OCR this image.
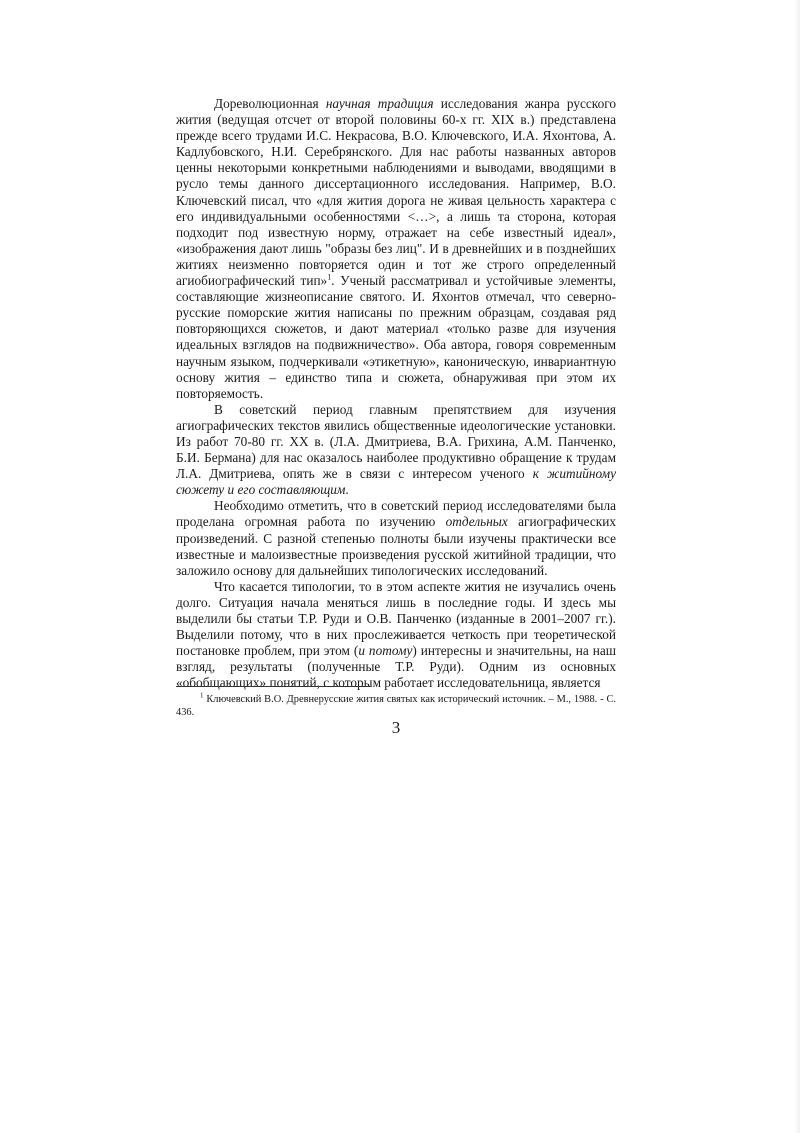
Дореволюционная научная традиция исследования жанра русского жития (ведущая отсчет от второй половины 60-х гг. XIX в.) представлена прежде всего трудами И.С. Некрасова, В.О. Ключевского, И.А. Яхонтова, А. Кадлубовского, Н.И. Серебрянского. Для нас работы названных авторов ценны некоторыми конкретными наблюдениями и выводами, вводящими в русло темы данного диссертационного исследования. Например, В.О. Ключевский писал, что «для жития дорога не живая цельность характера с его индивидуальными особенностями <…>, а лишь та сторона, которая подходит под известную норму, отражает на себе известный идеал», «изображения дают лишь "образы без лиц". И в древнейших и в позднейших житиях неизменно повторяется один и тот же строго определенный агиобиографический тип»$^1$. Ученый рассматривал и устойчивые элементы, составляющие жизнеописание святого. И. Яхонтов отмечал, что северно-русские поморские жития написаны по прежним образцам, создавая ряд повторяющихся сюжетов, и дают материал «только разве для изучения идеальных взглядов на подвижничество». Оба автора, говоря современным научным языком, подчеркивали «этикетную», каноническую, инвариантную основу жития – единство типа и сюжета, обнаруживая при этом их повторяемость.

В советский период главным препятствием для изучения агиографических текстов явились общественные идеологические установки. Из работ 70-80 гг. XX в. (Л.А. Дмитриева, В.А. Грихина, А.М. Панченко, Б.И. Бермана) для нас оказалось наиболее продуктивно обращение к трудам Л.А. Дмитриева, опять же в связи с интересом ученого к житийному сюжету и его составляющим.

Необходимо отметить, что в советский период исследователями была проделана огромная работа по изучению отдельных агиографических произведений. С разной степенью полноты были изучены практически все известные и малоизвестные произведения русской житийной традиции, что заложило основу для дальнейших типологических исследований.

Что касается типологии, то в этом аспекте жития не изучались очень долго. Ситуация начала меняться лишь в последние годы. И здесь мы выделили бы статьи Т.Р. Руди и О.В. Панченко (изданные в 2001–2007 гг.). Выделили потому, что в них прослеживается четкость при теоретической постановке проблем, при этом (и потому) интересны и значительны, на наш взгляд, результаты (полученные Т.Р. Руди). Одним из основных «обобщающих» понятий, с которым работает исследовательница, является

$^1$ Ключевский В.О. Древнерусские жития святых как исторический источник. – М., 1988. - С. 436.
3
